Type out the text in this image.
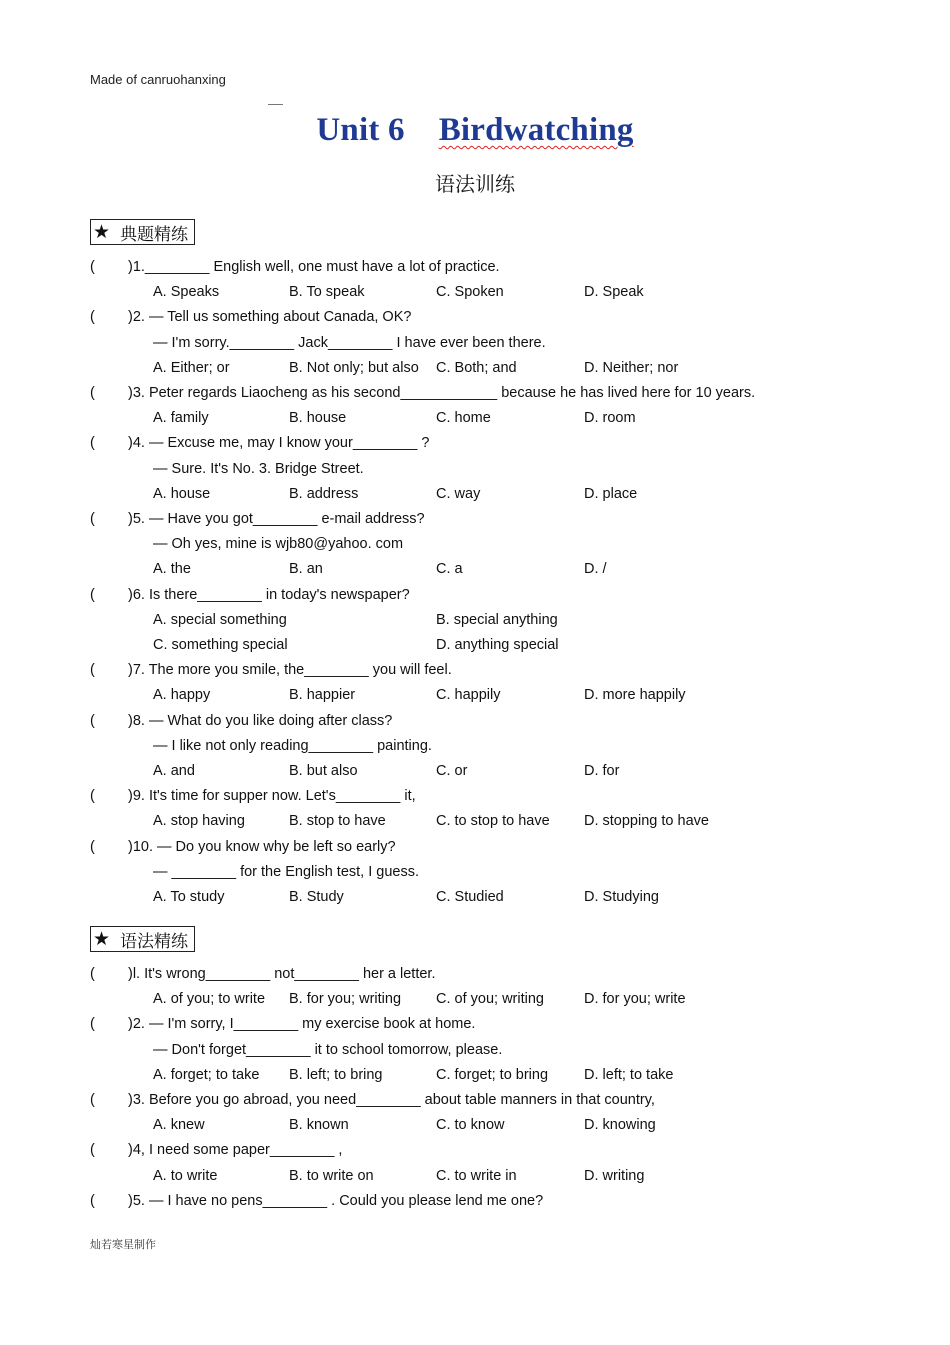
Made of canruohanxing
Unit 6 Birdwatching
语法训练
★ 典题精练
( )1.________ English well, one must have a lot of practice.
A. Speaks	B. To speak	C. Spoken	D. Speak
( )2. — Tell us something about Canada, OK?
— I'm sorry.________ Jack________ I have ever been there.
A. Either; or	B. Not only; but also C. Both; and	D. Neither; nor
( )3. Peter regards Liaocheng as his second____________ because he has lived here for 10 years.
A. family	B. house	C. home	D. room
( )4. — Excuse me, may I know your________ ?
— Sure. It's No. 3. Bridge Street.
A. house	B. address	C. way	D. place
( )5. — Have you got________ e-mail address?
— Oh yes, mine is wjb80@yahoo. com
A. the	B. an	C. a	D. /
( )6. Is there________ in today's newspaper?
A. special something	B. special anything
C. something special	D. anything special
( )7. The more you smile, the________ you will feel.
A. happy	B. happier	C. happily	D. more happily
( )8. — What do you like doing after class?
— I like not only reading________ painting.
A. and	B. but also	C. or	D. for
( )9. It's time for supper now. Let's________ it,
A. stop having	B. stop to have	C. to stop to have D. stopping to have
( )10. — Do you know why be left so early?
— ________ for the English test, I guess.
A. To study	B. Study	C. Studied	D. Studying
★ 语法精练
( )l. It's wrong________ not________ her a letter.
A. of you; to write B. for you; writing C. of you; writing	D. for you; write
( )2. — I'm sorry, I________ my exercise book at home.
— Don't forget________ it to school tomorrow, please.
A. forget; to take B. left; to bring	C. forget; to bring D. left; to take
( )3. Before you go abroad, you need________ about table manners in that country,
A. knew	B. known	C. to know	D. knowing
( )4, I need some paper________ ,
A. to write	B. to write on	C. to write in	D. writing
( )5. — I have no pens________ . Could you please lend me one?
灿若寒星制作
